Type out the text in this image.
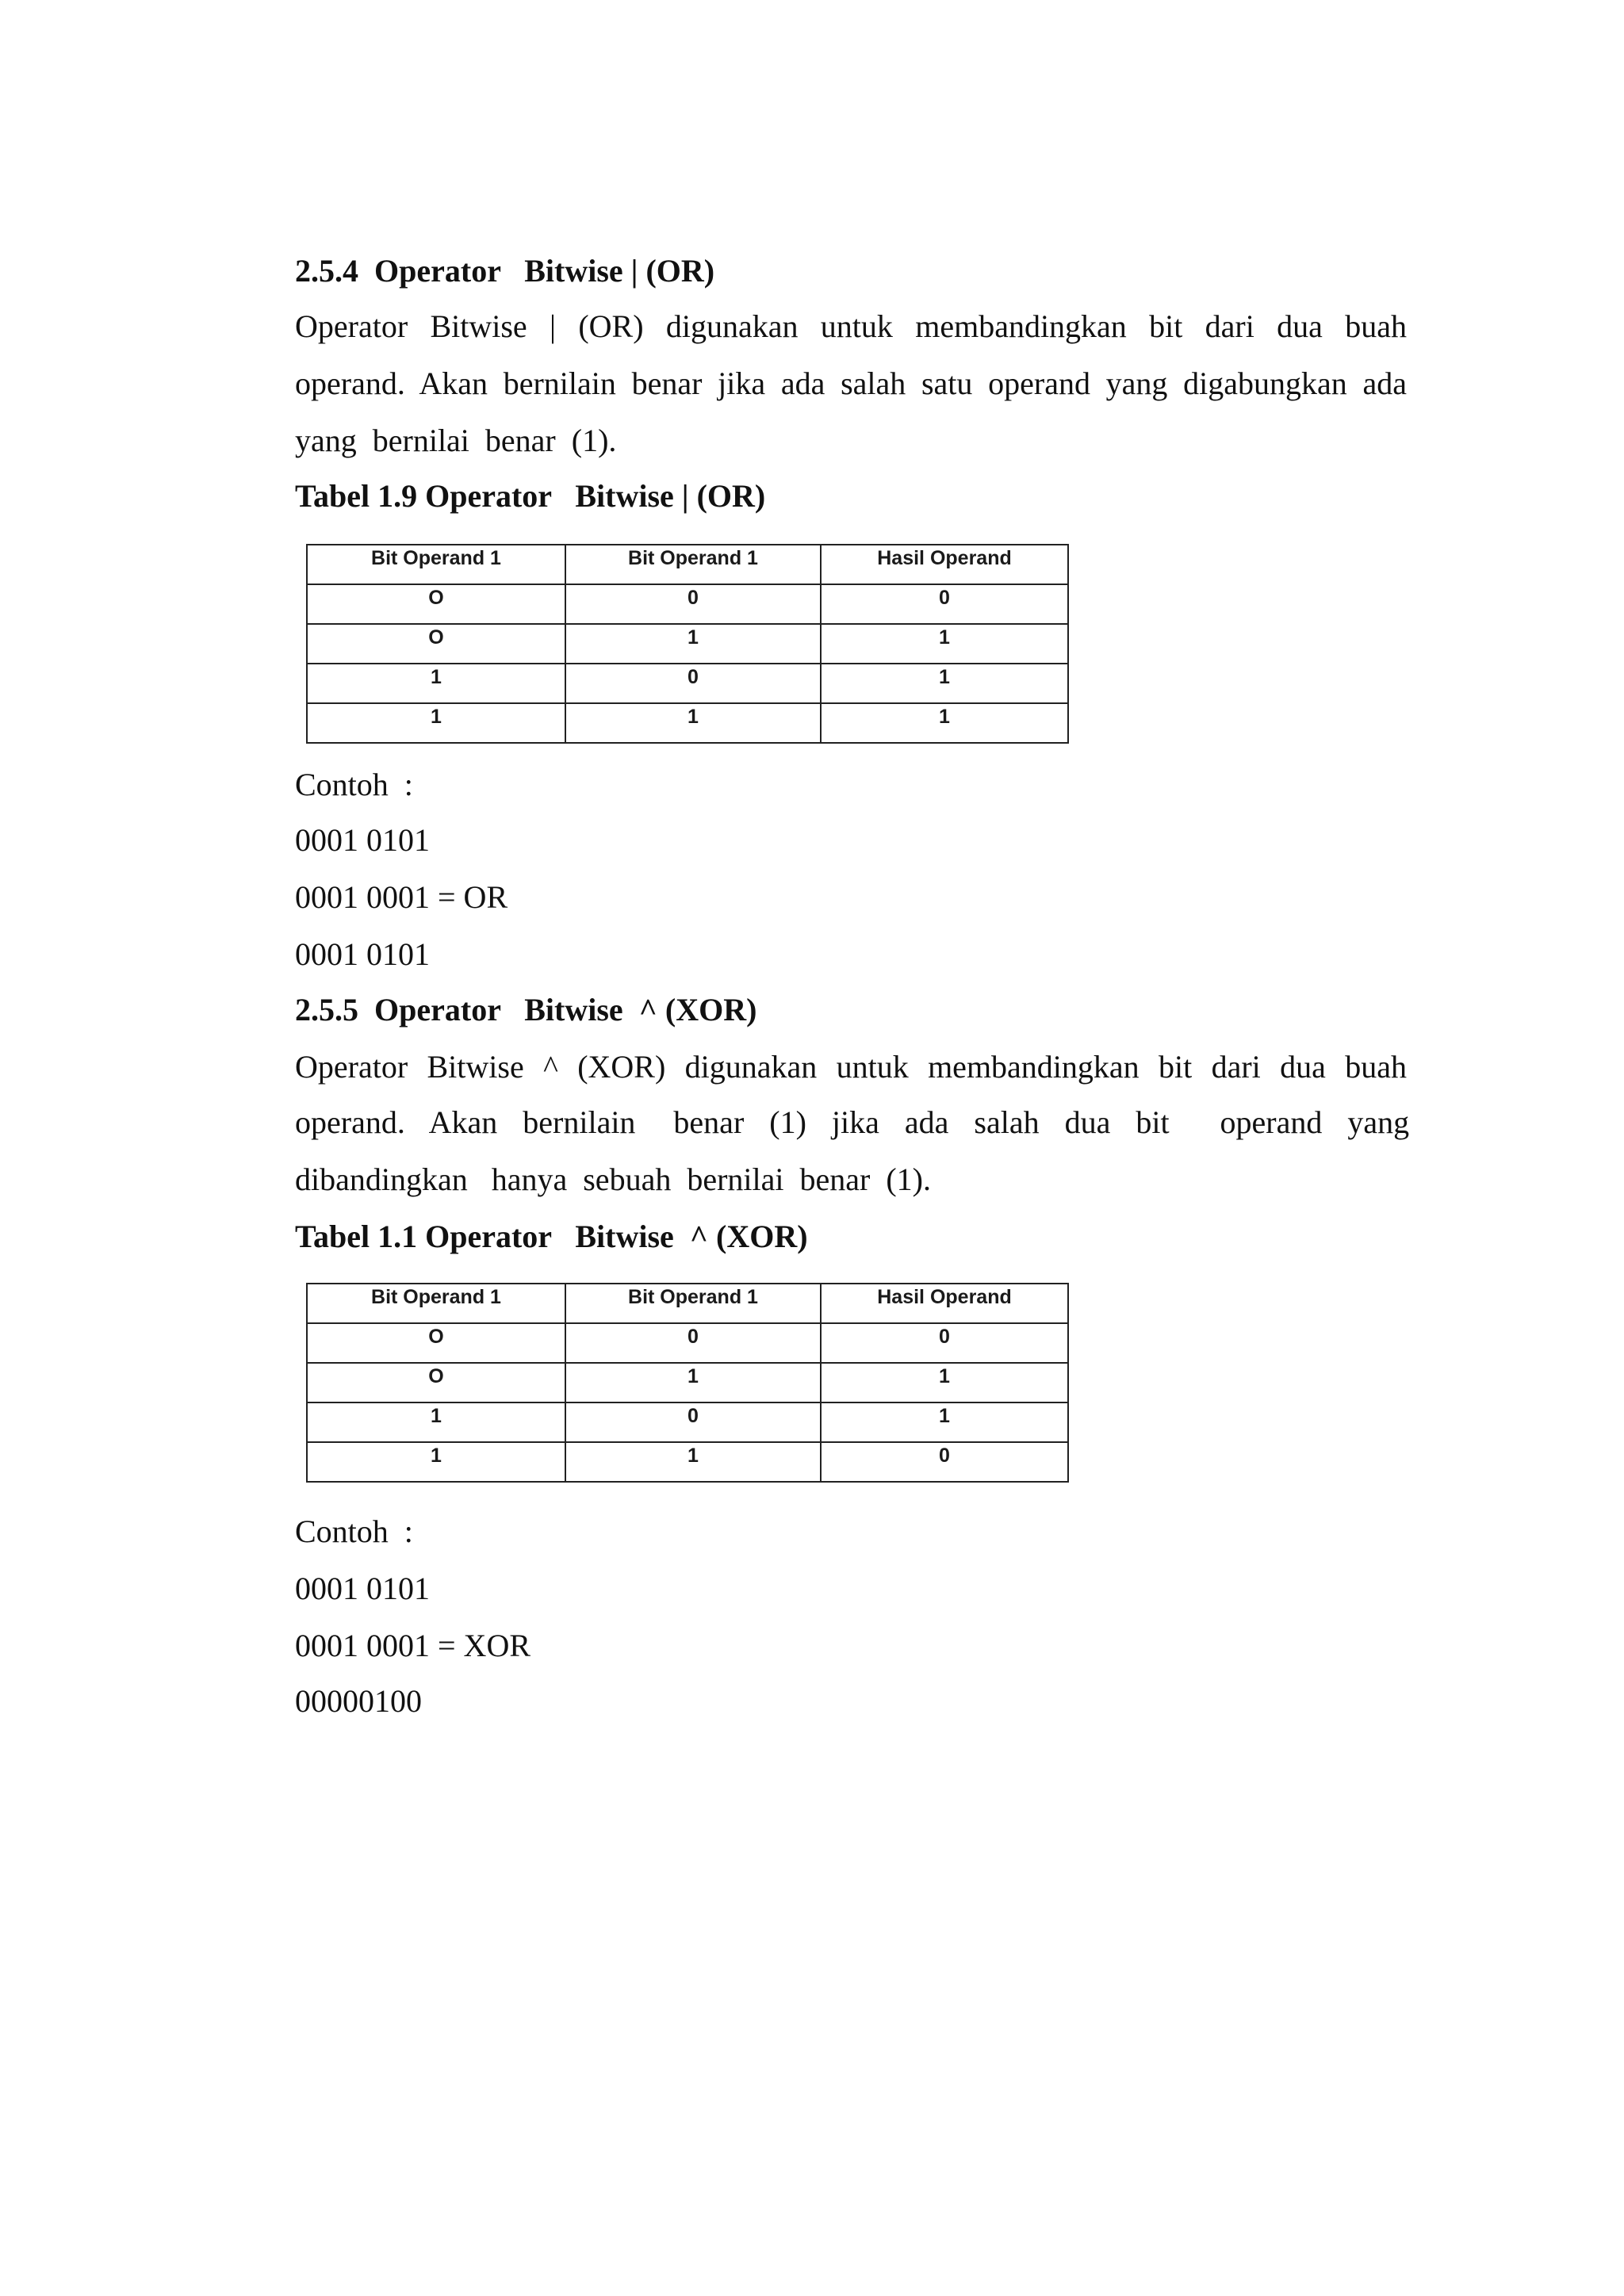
2.5.4  Operator   Bitwise | (OR)
Operator Bitwise | (OR) digunakan untuk membandingkan bit dari dua buah
operand. Akan bernilain benar jika ada salah satu operand yang digabungkan ada
yang  bernilai  benar  (1).
Tabel 1.9 Operator   Bitwise | (OR)
Bit Operand 1	Bit Operand 1	Hasil Operand
O	0	0
O	1	1
1	0	1
1	1	1
Contoh  :
0001 0101
0001 0001 = OR
0001 0101
2.5.5  Operator   Bitwise  ^ (XOR)
Operator Bitwise ^ (XOR) digunakan untuk membandingkan bit dari dua buah
operand.  Akan  bernilain   benar  (1)  jika  ada  salah  dua  bit    operand  yang
dibandingkan   hanya  sebuah  bernilai  benar  (1).
Tabel 1.1 Operator   Bitwise  ^ (XOR)
Bit Operand 1	Bit Operand 1	Hasil Operand
O	0	0
O	1	1
1	0	1
1	1	0
Contoh  :
0001 0101
0001 0001 = XOR
00000100
